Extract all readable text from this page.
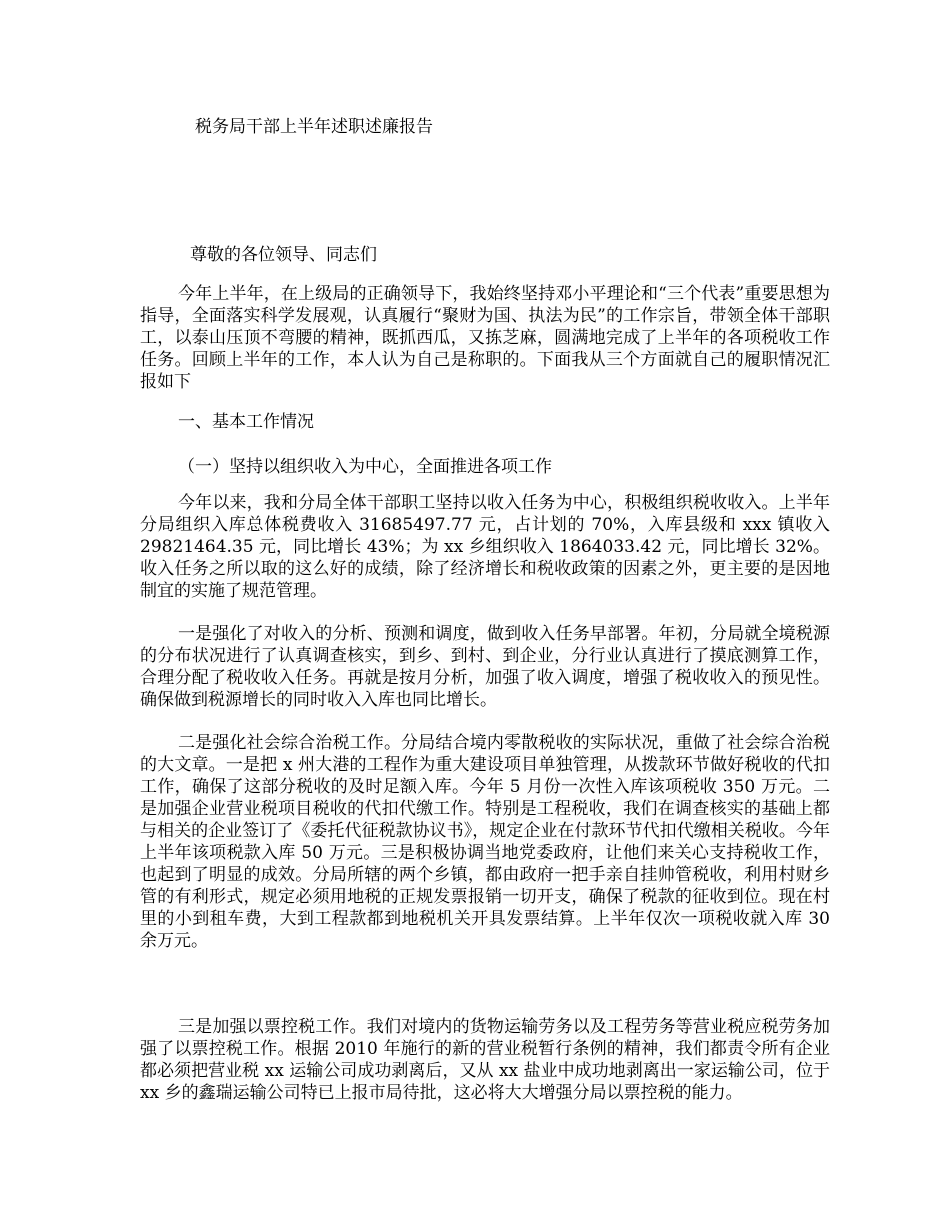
税务局干部上半年述职述廉报告
尊敬的各位领导、同志们

今年上半年，在上级局的正确领导下，我始终坚持邓小平理论和“三个代表”重要思想为指导，全面落实科学发展观，认真履行“聚财为国、执法为民”的工作宗旨，带领全体干部职工，以泰山压顶不弯腰的精神，既抓西瓜，又拣芝麻，圆满地完成了上半年的各项税收工作任务。回顾上半年的工作，本人认为自己是称职的。下面我从三个方面就自己的履职情况汇报如下

一、基本工作情况
（一）坚持以组织收入为中心，全面推进各项工作

今年以来，我和分局全体干部职工坚持以收入任务为中心，积极组织税收收入。上半年分局组织入库总体税费收入 31685497.77 元，占计划的 70%，入库县级和 xxx 镇收入 29821464.35 元，同比增长 43%；为 xx 乡组织收入 1864033.42 元，同比增长 32%。收入任务之所以取的这么好的成绩，除了经济增长和税收政策的因素之外，更主要的是因地制宜的实施了规范管理。

一是强化了对收入的分析、预测和调度，做到收入任务早部署。年初，分局就全境税源的分布状况进行了认真调查核实，到乡、到村、到企业，分行业认真进行了摸底测算工作，合理分配了税收收入任务。再就是按月分析，加强了收入调度，增强了税收收入的预见性。确保做到税源增长的同时收入入库也同比增长。

二是强化社会综合治税工作。分局结合境内零散税收的实际状况，重做了社会综合治税的大文章。一是把 x 州大港的工程作为重大建设项目单独管理，从拨款环节做好税收的代扣工作，确保了这部分税收的及时足额入库。今年 5 月份一次性入库该项税收 350 万元。二是加强企业营业税项目税收的代扣代缴工作。特别是工程税收，我们在调查核实的基础上都与相关的企业签订了《委托代征税款协议书》，规定企业在付款环节代扣代缴相关税收。今年上半年该项税款入库 50 万元。三是积极协调当地党委政府，让他们来关心支持税收工作，也起到了明显的成效。分局所辖的两个乡镇，都由政府一把手亲自挂帅管税收，利用村财乡管的有利形式，规定必须用地税的正规发票报销一切开支，确保了税款的征收到位。现在村里的小到租车费，大到工程款都到地税机关开具发票结算。上半年仅次一项税收就入库 30 余万元。

三是加强以票控税工作。我们对境内的货物运输劳务以及工程劳务等营业税应税劳务加强了以票控税工作。根据 2010 年施行的新的营业税暂行条例的精神，我们都责令所有企业都必须把营业税 xx 运输公司成功剥离后，又从 xx 盐业中成功地剥离出一家运输公司，位于 xx 乡的鑫瑞运输公司特已上报市局待批，这必将大大增强分局以票控税的能力。
